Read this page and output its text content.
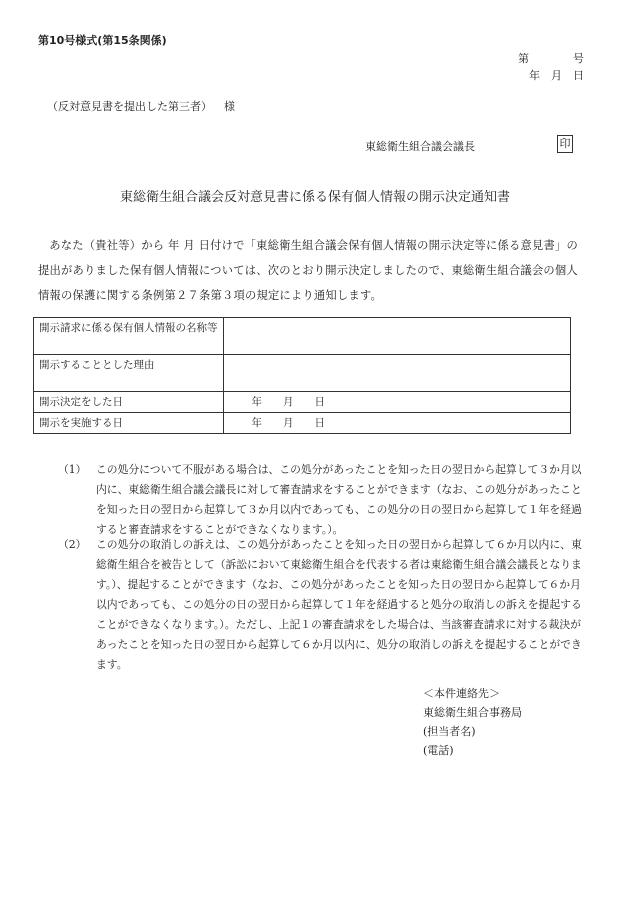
第10号様式(第15条関係)
第　　　　号
年　月　日
（反対意見書を提出した第三者） 様
東総衛生組合議会議長	印
東総衛生組合議会反対意見書に係る保有個人情報の開示決定通知書
あなた（貴社等）から 年 月 日付けで「東総衛生組合議会保有個人情報の開示決定等に係る意見書」の提出がありました保有個人情報については、次のとおり開示決定しましたので、東総衛生組合議会の個人情報の保護に関する条例第２７条第３項の規定により通知します。
開示請求に係る保有個人情報の名称等	
開示することとした理由	
開示決定をした日	年　　月　　日
開示を実施する日	年　　月　　日
（1） この処分について不服がある場合は、この処分があったことを知った日の翌日から起算して３か月以内に、東総衛生組合議会議長に対して審査請求をすることができます（なお、この処分があったことを知った日の翌日から起算して３か月以内であっても、この処分の日の翌日から起算して１年を経過すると審査請求をすることができなくなります。）。
（2） この処分の取消しの訴えは、この処分があったことを知った日の翌日から起算して６か月以内に、東総衛生組合を被告として（訴訟において東総衛生組合を代表する者は東総衛生組合議会議長となります。）、提起することができます（なお、この処分があったことを知った日の翌日から起算して６か月以内であっても、この処分の日の翌日から起算して１年を経過すると処分の取消しの訴えを提起することができなくなります。）。ただし、上記１の審査請求をした場合は、当該審査請求に対する裁決があったことを知った日の翌日から起算して６か月以内に、処分の取消しの訴えを提起することができます。
＜本件連絡先＞
東総衛生組合事務局
(担当者名)
(電話)
